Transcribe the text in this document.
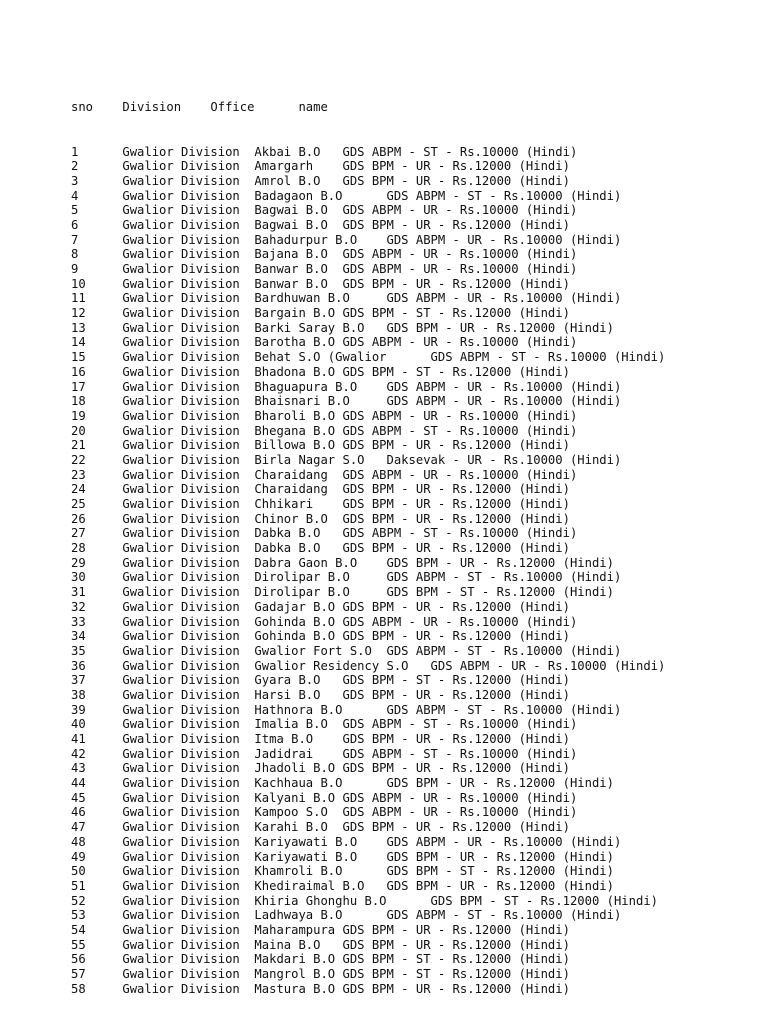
sno    Division    Office      name

1      Gwalior Division  Akbai B.O   GDS ABPM - ST - Rs.10000 (Hindi)
2      Gwalior Division  Amargarh    GDS BPM - UR - Rs.12000 (Hindi)
3      Gwalior Division  Amrol B.O   GDS BPM - UR - Rs.12000 (Hindi)
4      Gwalior Division  Badagaon B.O      GDS ABPM - ST - Rs.10000 (Hindi)
5      Gwalior Division  Bagwai B.O  GDS ABPM - UR - Rs.10000 (Hindi)
6      Gwalior Division  Bagwai B.O  GDS BPM - UR - Rs.12000 (Hindi)
7      Gwalior Division  Bahadurpur B.O    GDS ABPM - UR - Rs.10000 (Hindi)
8      Gwalior Division  Bajana B.O  GDS ABPM - UR - Rs.10000 (Hindi)
9      Gwalior Division  Banwar B.O  GDS ABPM - UR - Rs.10000 (Hindi)
10     Gwalior Division  Banwar B.O  GDS BPM - UR - Rs.12000 (Hindi)
11     Gwalior Division  Bardhuwan B.O     GDS ABPM - UR - Rs.10000 (Hindi)
12     Gwalior Division  Bargain B.O GDS BPM - ST - Rs.12000 (Hindi)
13     Gwalior Division  Barki Saray B.O   GDS BPM - UR - Rs.12000 (Hindi)
14     Gwalior Division  Barotha B.O GDS ABPM - UR - Rs.10000 (Hindi)
15     Gwalior Division  Behat S.O (Gwalior      GDS ABPM - ST - Rs.10000 (Hindi)
16     Gwalior Division  Bhadona B.O GDS BPM - ST - Rs.12000 (Hindi)
17     Gwalior Division  Bhaguapura B.O    GDS ABPM - UR - Rs.10000 (Hindi)
18     Gwalior Division  Bhaisnari B.O     GDS ABPM - UR - Rs.10000 (Hindi)
19     Gwalior Division  Bharoli B.O GDS ABPM - UR - Rs.10000 (Hindi)
20     Gwalior Division  Bhegana B.O GDS ABPM - ST - Rs.10000 (Hindi)
21     Gwalior Division  Billowa B.O GDS BPM - UR - Rs.12000 (Hindi)
22     Gwalior Division  Birla Nagar S.O   Daksevak - UR - Rs.10000 (Hindi)
23     Gwalior Division  Charaidang  GDS ABPM - UR - Rs.10000 (Hindi)
24     Gwalior Division  Charaidang  GDS BPM - UR - Rs.12000 (Hindi)
25     Gwalior Division  Chhikari    GDS BPM - UR - Rs.12000 (Hindi)
26     Gwalior Division  Chinor B.O  GDS BPM - UR - Rs.12000 (Hindi)
27     Gwalior Division  Dabka B.O   GDS ABPM - ST - Rs.10000 (Hindi)
28     Gwalior Division  Dabka B.O   GDS BPM - UR - Rs.12000 (Hindi)
29     Gwalior Division  Dabra Gaon B.O    GDS BPM - UR - Rs.12000 (Hindi)
30     Gwalior Division  Dirolipar B.O     GDS ABPM - ST - Rs.10000 (Hindi)
31     Gwalior Division  Dirolipar B.O     GDS BPM - ST - Rs.12000 (Hindi)
32     Gwalior Division  Gadajar B.O GDS BPM - UR - Rs.12000 (Hindi)
33     Gwalior Division  Gohinda B.O GDS ABPM - UR - Rs.10000 (Hindi)
34     Gwalior Division  Gohinda B.O GDS BPM - UR - Rs.12000 (Hindi)
35     Gwalior Division  Gwalior Fort S.O  GDS ABPM - ST - Rs.10000 (Hindi)
36     Gwalior Division  Gwalior Residency S.O   GDS ABPM - UR - Rs.10000 (Hindi)
37     Gwalior Division  Gyara B.O   GDS BPM - ST - Rs.12000 (Hindi)
38     Gwalior Division  Harsi B.O   GDS BPM - UR - Rs.12000 (Hindi)
39     Gwalior Division  Hathnora B.O      GDS ABPM - ST - Rs.10000 (Hindi)
40     Gwalior Division  Imalia B.O  GDS ABPM - ST - Rs.10000 (Hindi)
41     Gwalior Division  Itma B.O    GDS BPM - UR - Rs.12000 (Hindi)
42     Gwalior Division  Jadidrai    GDS ABPM - ST - Rs.10000 (Hindi)
43     Gwalior Division  Jhadoli B.O GDS BPM - UR - Rs.12000 (Hindi)
44     Gwalior Division  Kachhaua B.O      GDS BPM - UR - Rs.12000 (Hindi)
45     Gwalior Division  Kalyani B.O GDS ABPM - UR - Rs.10000 (Hindi)
46     Gwalior Division  Kampoo S.O  GDS ABPM - UR - Rs.10000 (Hindi)
47     Gwalior Division  Karahi B.O  GDS BPM - UR - Rs.12000 (Hindi)
48     Gwalior Division  Kariyawati B.O    GDS ABPM - UR - Rs.10000 (Hindi)
49     Gwalior Division  Kariyawati B.O    GDS BPM - UR - Rs.12000 (Hindi)
50     Gwalior Division  Khamroli B.O      GDS BPM - ST - Rs.12000 (Hindi)
51     Gwalior Division  Khediraimal B.O   GDS BPM - UR - Rs.12000 (Hindi)
52     Gwalior Division  Khiria Ghonghu B.O      GDS BPM - ST - Rs.12000 (Hindi)
53     Gwalior Division  Ladhwaya B.O      GDS ABPM - ST - Rs.10000 (Hindi)
54     Gwalior Division  Maharampura GDS BPM - UR - Rs.12000 (Hindi)
55     Gwalior Division  Maina B.O   GDS BPM - UR - Rs.12000 (Hindi)
56     Gwalior Division  Makdari B.O GDS BPM - ST - Rs.12000 (Hindi)
57     Gwalior Division  Mangrol B.O GDS BPM - ST - Rs.12000 (Hindi)
58     Gwalior Division  Mastura B.O GDS BPM - UR - Rs.12000 (Hindi)
